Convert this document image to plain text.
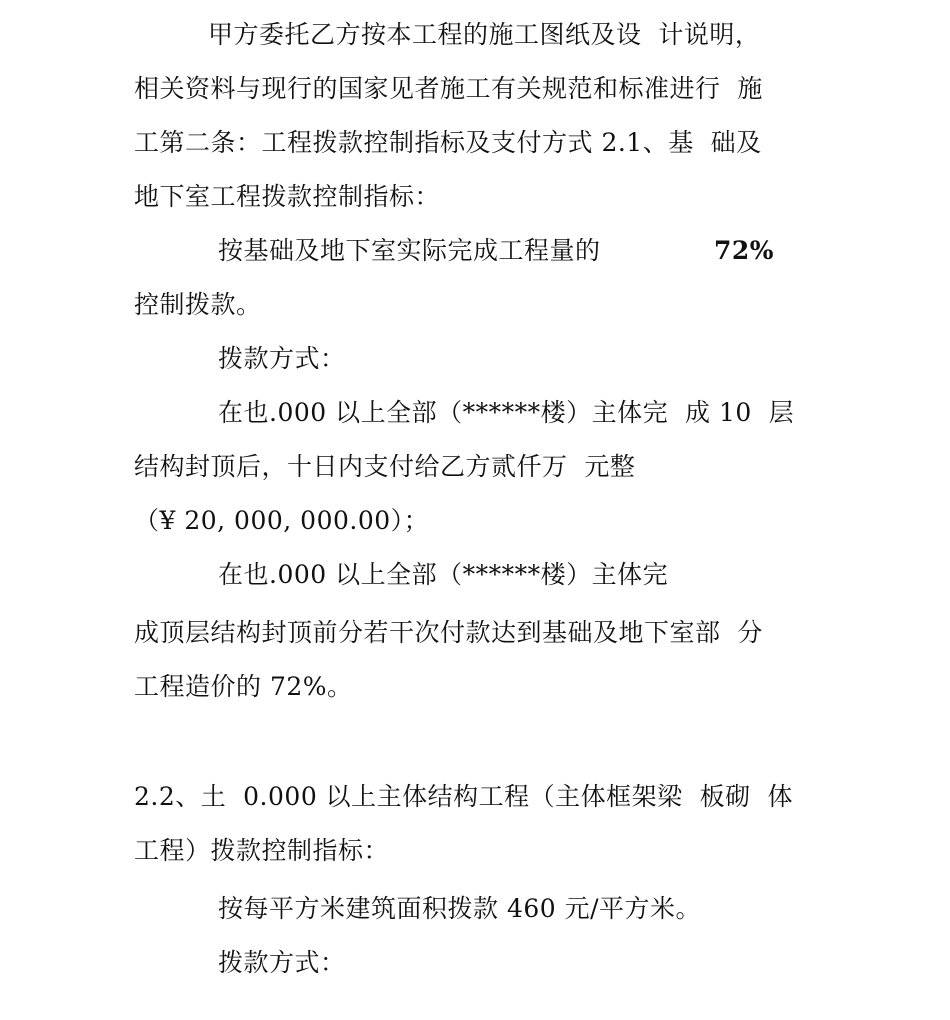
甲方委托乙方按本工程的施工图纸及设  计说明，
相关资料与现行的国家见者施工有关规范和标准进行  施
工第二条：工程拨款控制指标及支付方式 2.1、基  础及
地下室工程拨款控制指标：
按基础及地下室实际完成工程量的	72%
控制拨款。
拨款方式：
在也.000 以上全部（******楼）主体完  成 10  层
结构封顶后，十日内支付给乙方贰仟万  元整
（¥ 20, 000, 000.00）；
在也.000 以上全部（******楼）主体完
成顶层结构封顶前分若干次付款达到基础及地下室部  分
工程造价的 72%。
2.2、土  0.000 以上主体结构工程（主体框架梁  板砌  体
工程）拨款控制指标：
按每平方米建筑面积拨款 460 元/平方米。
拨款方式：
